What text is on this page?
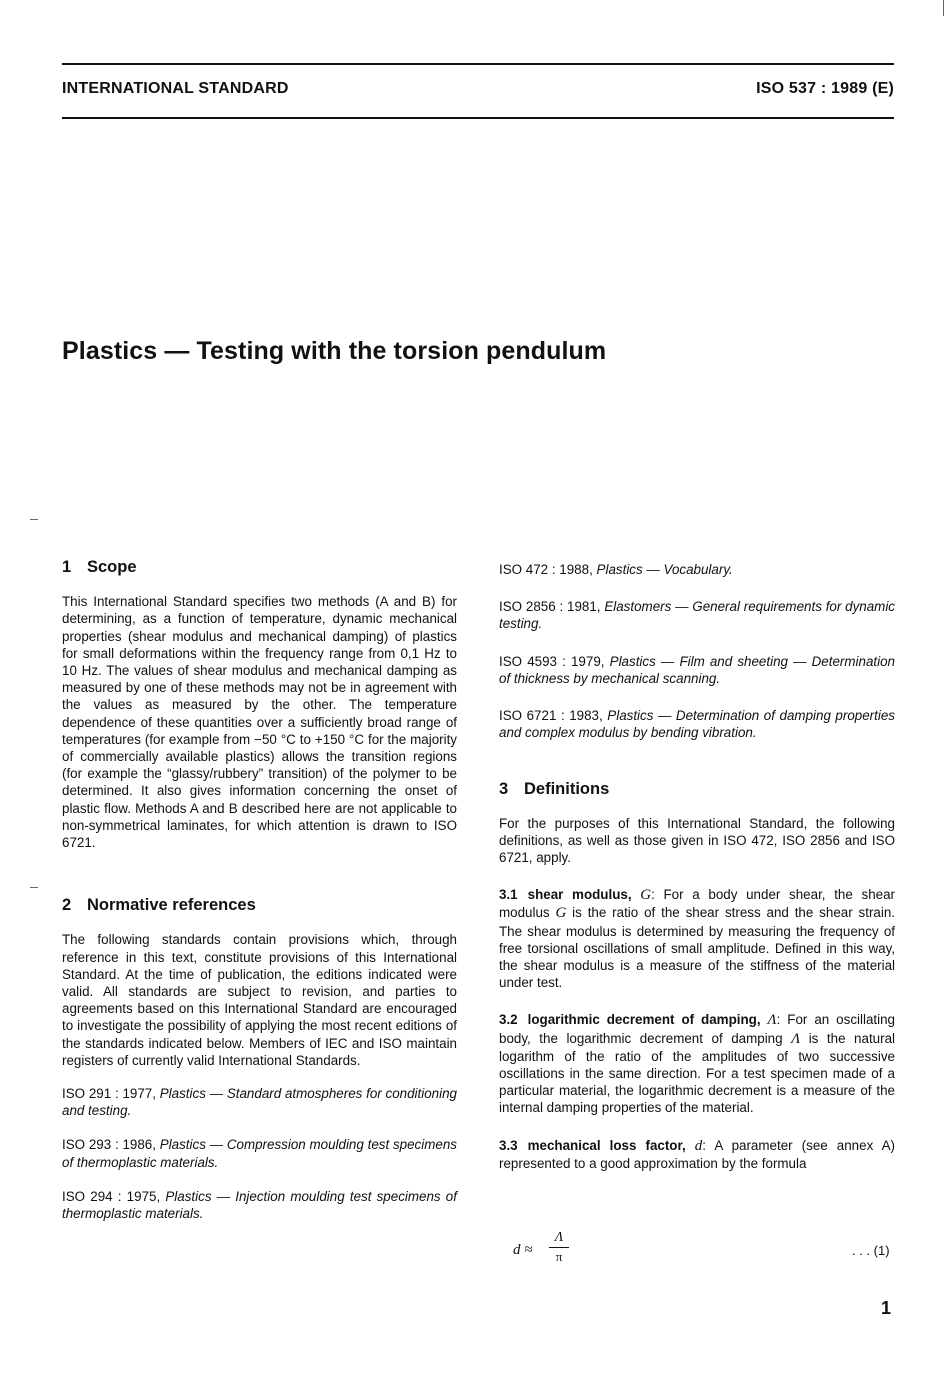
INTERNATIONAL STANDARD	ISO 537 : 1989 (E)
Plastics — Testing with the torsion pendulum
1 Scope

This International Standard specifies two methods (A and B) for determining, as a function of temperature, dynamic mechanical properties (shear modulus and mechanical damping) of plastics for small deformations within the frequency range from 0,1 Hz to 10 Hz. The values of shear modulus and mechanical damping as measured by one of these methods may not be in agreement with the values as measured by the other. The temperature dependence of these quantities over a sufficiently broad range of temperatures (for example from −50 °C to +150 °C for the majority of commercially available plastics) allows the transition regions (for example the “glassy/rubbery” transition) of the polymer to be determined. It also gives information concerning the onset of plastic flow. Methods A and B described here are not applicable to non-symmetrical laminates, for which attention is drawn to ISO 6721.

2 Normative references

The following standards contain provisions which, through reference in this text, constitute provisions of this International Standard. At the time of publication, the editions indicated were valid. All standards are subject to revision, and parties to agreements based on this International Standard are encouraged to investigate the possibility of applying the most recent editions of the standards indicated below. Members of IEC and ISO maintain registers of currently valid International Standards.

ISO 291 : 1977, Plastics — Standard atmospheres for conditioning and testing.

ISO 293 : 1986, Plastics — Compression moulding test specimens of thermoplastic materials.

ISO 294 : 1975, Plastics — Injection moulding test specimens of thermoplastic materials.

ISO 472 : 1988, Plastics — Vocabulary.

ISO 2856 : 1981, Elastomers — General requirements for dynamic testing.

ISO 4593 : 1979, Plastics — Film and sheeting — Determination of thickness by mechanical scanning.

ISO 6721 : 1983, Plastics — Determination of damping properties and complex modulus by bending vibration.

3 Definitions

For the purposes of this International Standard, the following definitions, as well as those given in ISO 472, ISO 2856 and ISO 6721, apply.

3.1 shear modulus, G: For a body under shear, the shear modulus G is the ratio of the shear stress and the shear strain. The shear modulus is determined by measuring the frequency of free torsional oscillations of small amplitude. Defined in this way, the shear modulus is a measure of the stiffness of the material under test.

3.2 logarithmic decrement of damping, Λ: For an oscillating body, the logarithmic decrement of damping Λ is the natural logarithm of the ratio of the amplitudes of two successive oscillations in the same direction. For a test specimen made of a particular material, the logarithmic decrement is a measure of the internal damping properties of the material.

3.3 mechanical loss factor, d: A parameter (see annex A) represented to a good approximation by the formula

$d \approx \frac{\Lambda}{\pi}$	. . . (1)
1
